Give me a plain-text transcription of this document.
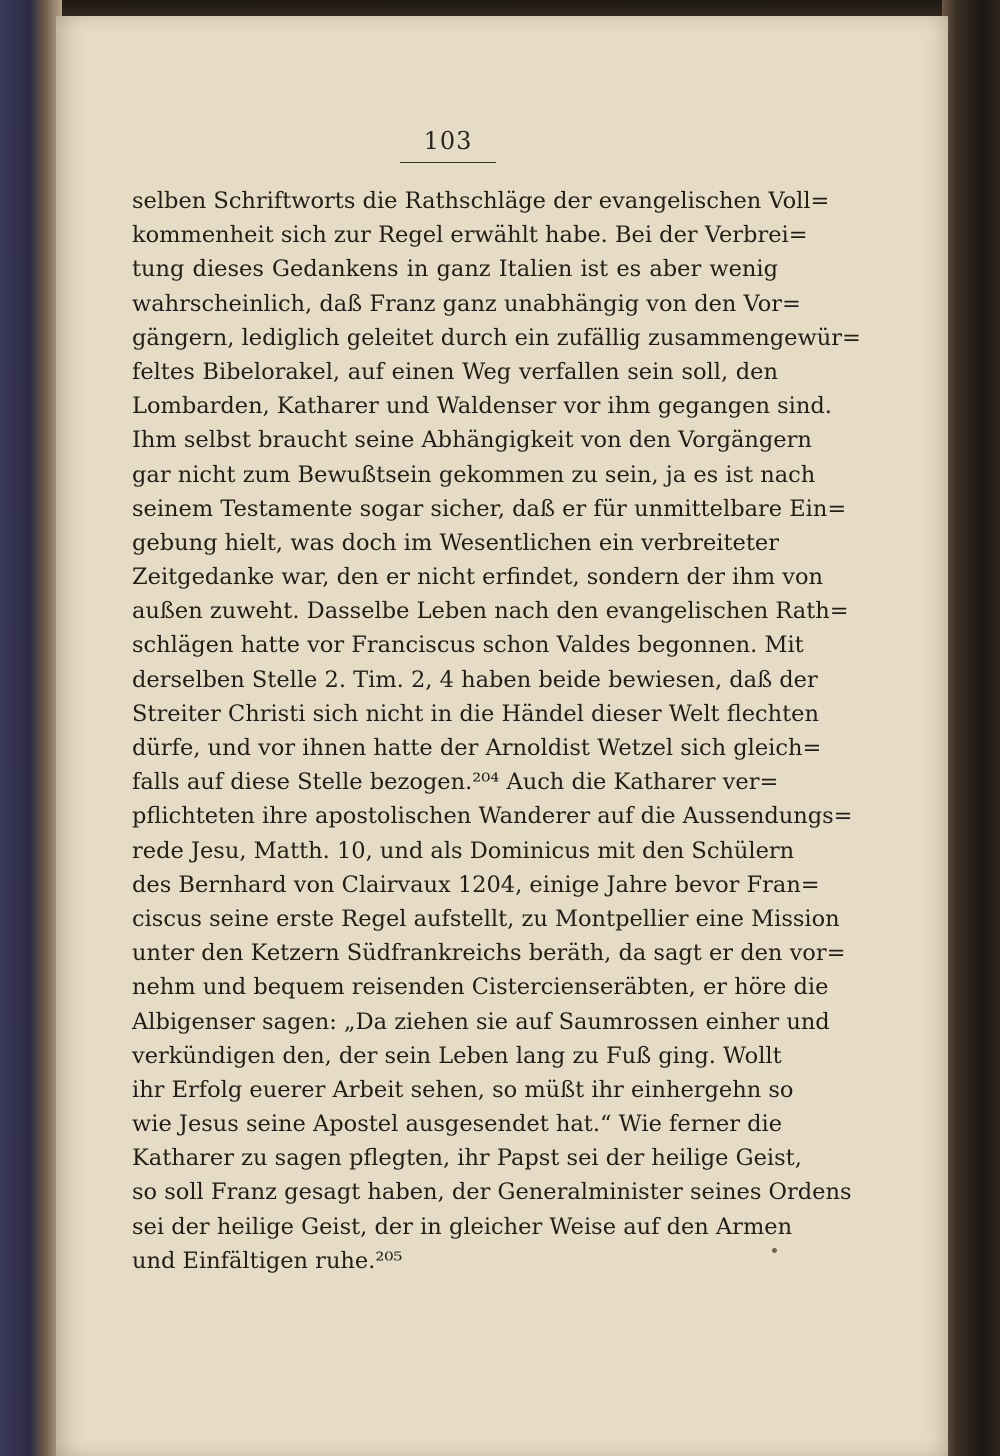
103
selben Schriftworts die Rathschläge der evangelischen Voll=
kommenheit sich zur Regel erwählt habe. Bei der Verbrei=
tung dieses Gedankens in ganz Italien ist es aber wenig
wahrscheinlich, daß Franz ganz unabhängig von den Vor=
gängern, lediglich geleitet durch ein zufällig zusammengewür=
feltes Bibelorakel, auf einen Weg verfallen sein soll, den
Lombarden, Katharer und Waldenser vor ihm gegangen sind.
Ihm selbst braucht seine Abhängigkeit von den Vorgängern
gar nicht zum Bewußtsein gekommen zu sein, ja es ist nach
seinem Testamente sogar sicher, daß er für unmittelbare Ein=
gebung hielt, was doch im Wesentlichen ein verbreiteter
Zeitgedanke war, den er nicht erfindet, sondern der ihm von
außen zuweht. Dasselbe Leben nach den evangelischen Rath=
schlägen hatte vor Franciscus schon Valdes begonnen. Mit
derselben Stelle 2. Tim. 2, 4 haben beide bewiesen, daß der
Streiter Christi sich nicht in die Händel dieser Welt flechten
dürfe, und vor ihnen hatte der Arnoldist Wetzel sich gleich=
falls auf diese Stelle bezogen.²⁰⁴ Auch die Katharer ver=
pflichteten ihre apostolischen Wanderer auf die Aussendungs=
rede Jesu, Matth. 10, und als Dominicus mit den Schülern
des Bernhard von Clairvaux 1204, einige Jahre bevor Fran=
ciscus seine erste Regel aufstellt, zu Montpellier eine Mission
unter den Ketzern Südfrankreichs beräth, da sagt er den vor=
nehm und bequem reisenden Cistercienseräbten, er höre die
Albigenser sagen: „Da ziehen sie auf Saumrossen einher und
verkündigen den, der sein Leben lang zu Fuß ging. Wollt
ihr Erfolg euerer Arbeit sehen, so müßt ihr einhergehn so
wie Jesus seine Apostel ausgesendet hat.“ Wie ferner die
Katharer zu sagen pflegten, ihr Papst sei der heilige Geist,
so soll Franz gesagt haben, der Generalminister seines Ordens
sei der heilige Geist, der in gleicher Weise auf den Armen
und Einfältigen ruhe.²⁰⁵
